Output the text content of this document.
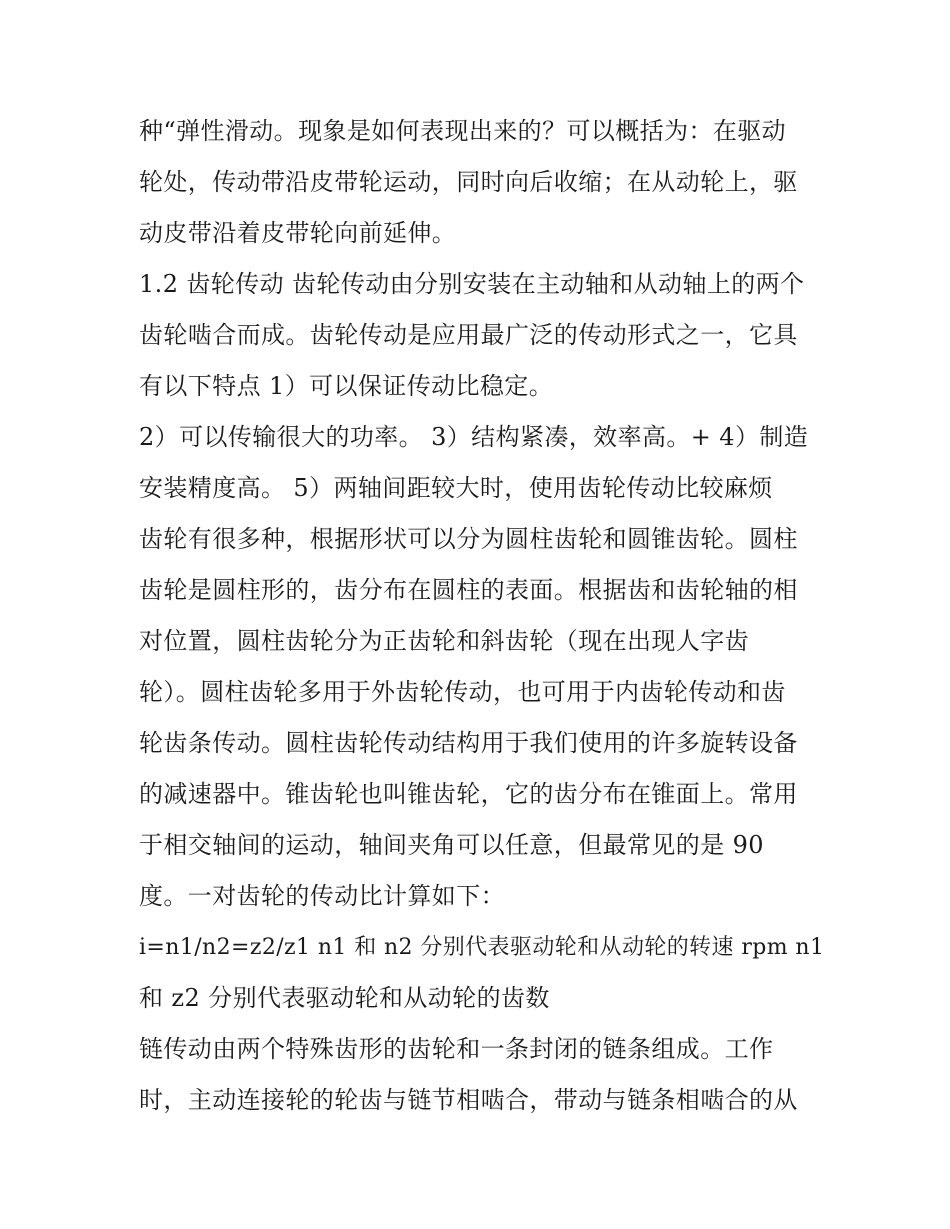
种“弹性滑动。现象是如何表现出来的？可以概括为：在驱动
轮处，传动带沿皮带轮运动，同时向后收缩；在从动轮上，驱
动皮带沿着皮带轮向前延伸。
1.2 齿轮传动 齿轮传动由分别安装在主动轴和从动轴上的两个
齿轮啮合而成。齿轮传动是应用最广泛的传动形式之一，它具
有以下特点 1）可以保证传动比稳定。
2）可以传输很大的功率。 3）结构紧凑，效率高。+ 4）制造
安装精度高。 5）两轴间距较大时，使用齿轮传动比较麻烦
齿轮有很多种，根据形状可以分为圆柱齿轮和圆锥齿轮。圆柱
齿轮是圆柱形的，齿分布在圆柱的表面。根据齿和齿轮轴的相
对位置，圆柱齿轮分为正齿轮和斜齿轮（现在出现人字齿
轮）。圆柱齿轮多用于外齿轮传动，也可用于内齿轮传动和齿
轮齿条传动。圆柱齿轮传动结构用于我们使用的许多旋转设备
的减速器中。锥齿轮也叫锥齿轮，它的齿分布在锥面上。常用
于相交轴间的运动，轴间夹角可以任意，但最常见的是 90
度。一对齿轮的传动比计算如下：
i=n1/n2=z2/z1 n1 和 n2 分别代表驱动轮和从动轮的转速 rpm n1
和 z2 分别代表驱动轮和从动轮的齿数
链传动由两个特殊齿形的齿轮和一条封闭的链条组成。工作
时，主动连接轮的轮齿与链节相啮合，带动与链条相啮合的从
